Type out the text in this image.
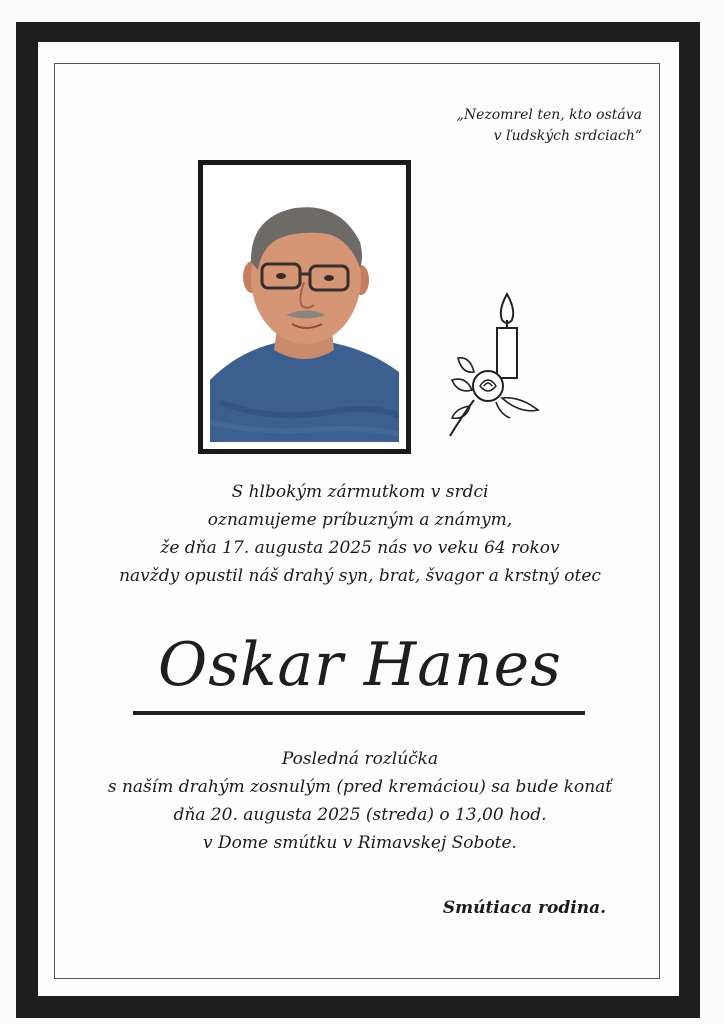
„Nezomrel ten, kto ostáva
v ľudských srdciach“
S hlbokým zármutkom v srdci
oznamujeme príbuzným a známym,
že dňa 17. augusta 2025 nás vo veku 64 rokov
navždy opustil náš drahý syn, brat, švagor a krstný otec
Oskar Hanes
Posledná rozlúčka
s naším drahým zosnulým (pred kremáciou) sa bude konať
dňa 20. augusta 2025 (streda) o 13,00 hod.
v Dome smútku v Rimavskej Sobote.
Smútiaca rodina.
